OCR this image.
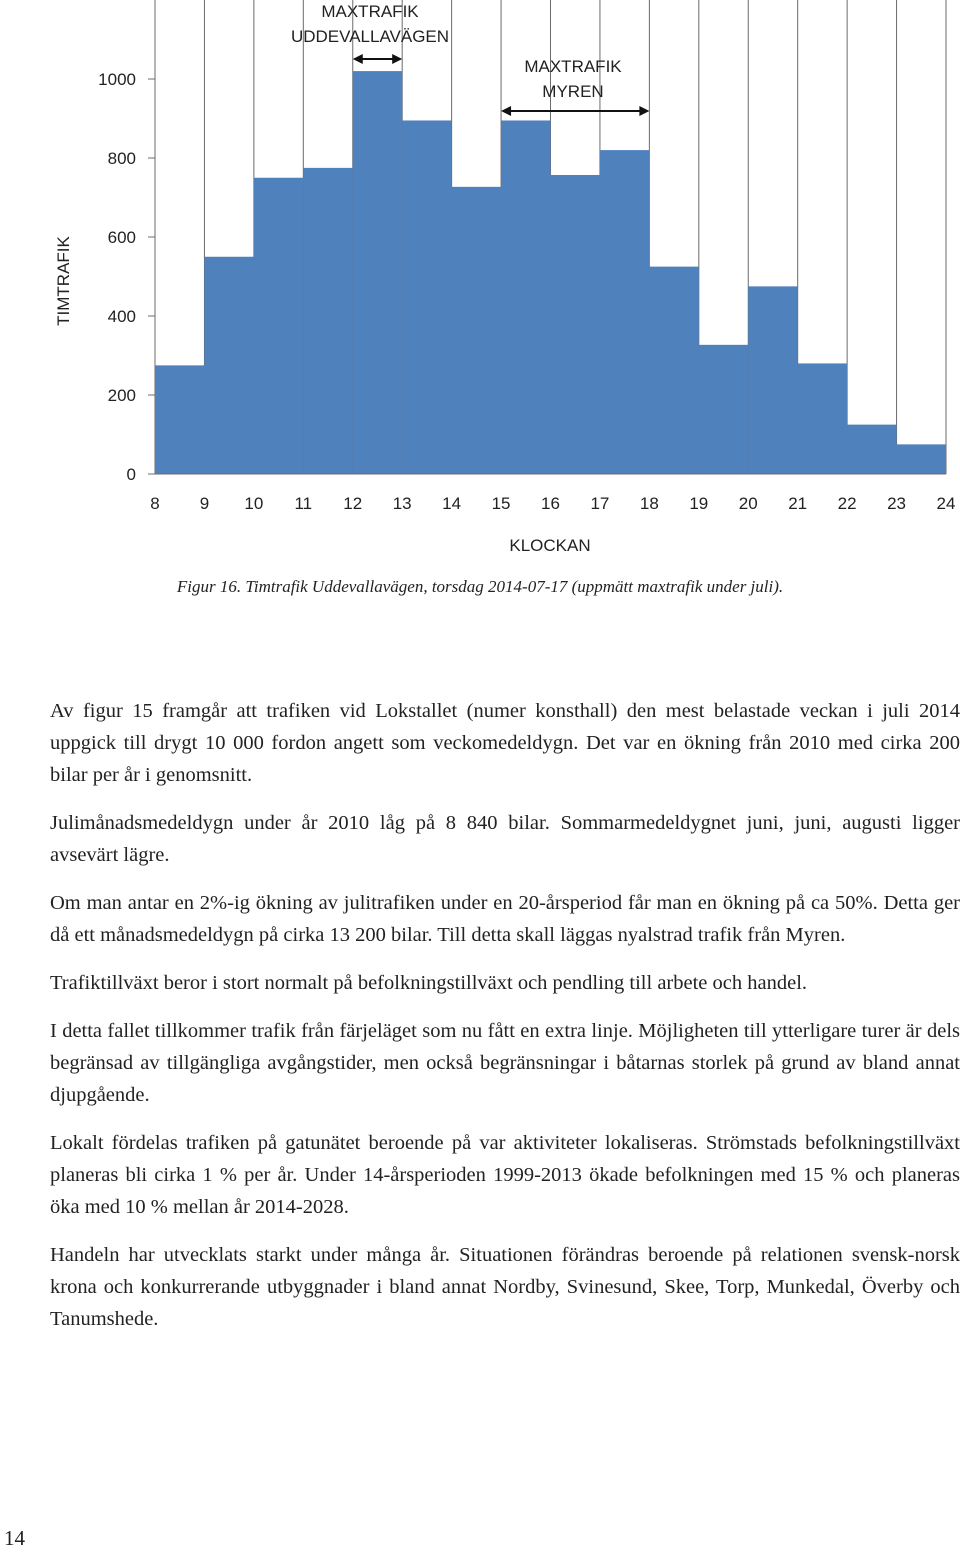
0
200
400
600
800
1000
8 9 10 11 12 13 14 15 16 17 18 19 20 21 22 23 24
KLOCKAN
TIMTRAFIK
MAXTRAFIK
UDDEVALLAVÄGEN
MAXTRAFIK
MYREN
Figur 16. Timtrafik Uddevallavägen, torsdag 2014-07-17 (uppmätt maxtrafik under juli).

Av figur 15 framgår att trafiken vid Lokstallet (numer konsthall) den mest belastade veckan i juli 2014 uppgick till drygt 10 000 fordon angett som veckomedeldygn. Det var en ökning från 2010 med cirka 200 bilar per år i genomsnitt.

Julimånadsmedeldygn under år 2010 låg på 8 840 bilar. Sommarmedeldygnet juni, juni, augusti ligger avsevärt lägre.

Om man antar en 2%-ig ökning av julitrafiken under en 20-årsperiod får man en ökning på ca 50%. Detta ger då ett månadsmedeldygn på cirka 13 200 bilar. Till detta skall läggas nyalstrad trafik från Myren.

Trafiktillväxt beror i stort normalt på befolkningstillväxt och pendling till arbete och handel.

I detta fallet tillkommer trafik från färjeläget som nu fått en extra linje. Möjligheten till ytterligare turer är dels begränsad av tillgängliga avgångstider, men också begränsningar i båtarnas storlek på grund av bland annat djupgående.

Lokalt fördelas trafiken på gatunätet beroende på var aktiviteter lokaliseras. Strömstads befolkningstillväxt planeras bli cirka 1 % per år. Under 14-årsperioden 1999-2013 ökade befolkningen med 15 % och planeras öka med 10 % mellan år 2014-2028.

Handeln har utvecklats starkt under många år. Situationen förändras beroende på relationen svensk-norsk krona och konkurrerande utbyggnader i bland annat Nordby, Svinesund, Skee, Torp, Munkedal, Överby och Tanumshede.

14
